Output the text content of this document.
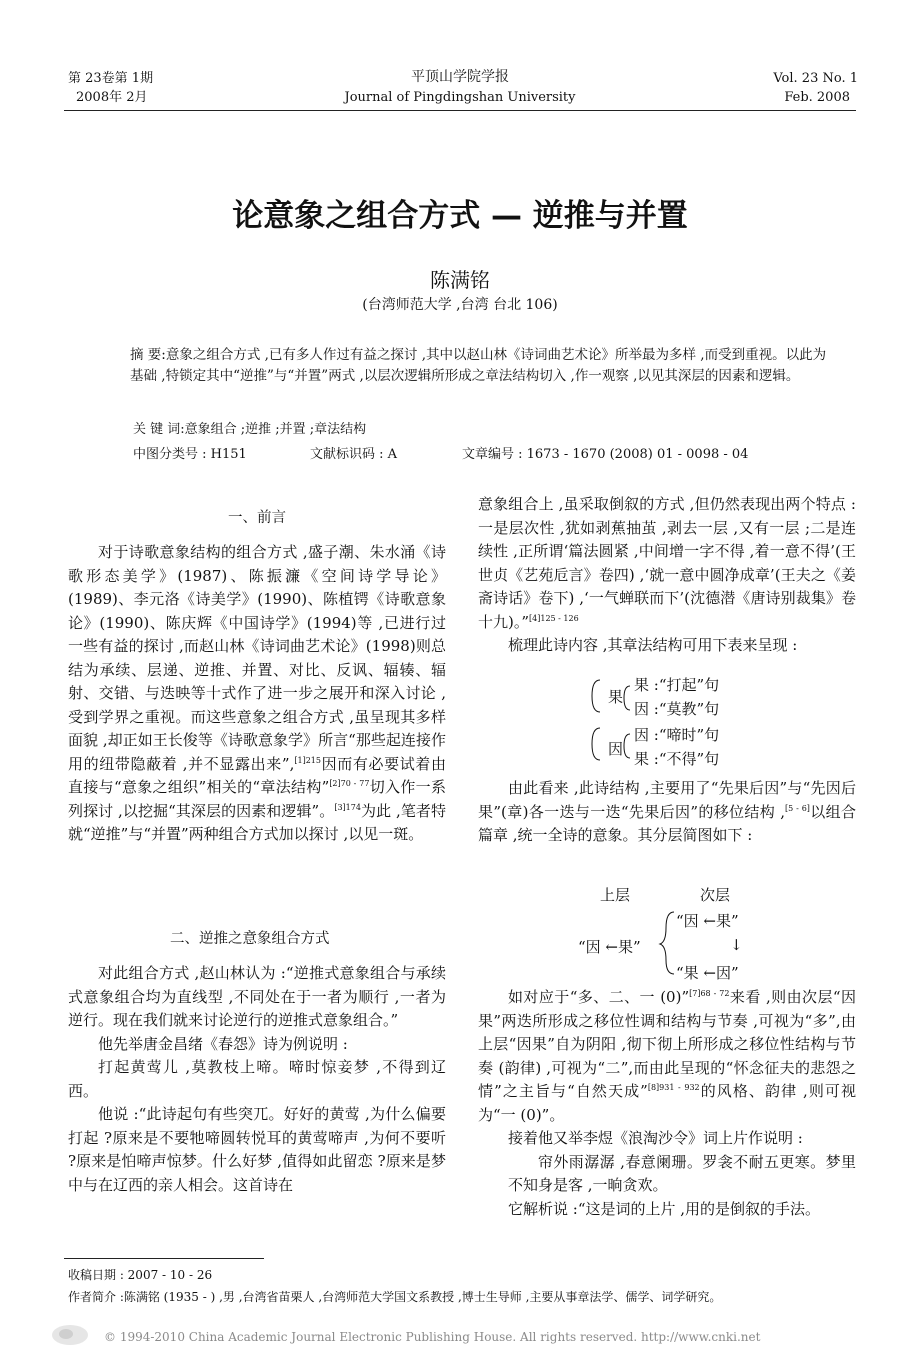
第 23卷第 1期
2008年 2月
平顶山学院学报
Journal of Pingdingshan University
Vol. 23 No. 1
Feb. 2008
论意象之组合方式 — 逆推与并置
陈满铭
(台湾师范大学 ,台湾 台北 106)
摘 要:意象之组合方式 ,已有多人作过有益之探讨 ,其中以赵山林《诗词曲艺术论》所举最为多样 ,而受到重视。以此为基础 ,特锁定其中“逆推”与“并置”两式 ,以层次逻辑所形成之章法结构切入 ,作一观察 ,以见其深层的因素和逻辑。
关 键 词:意象组合 ;逆推 ;并置 ;章法结构
中图分类号 : H151	文献标识码 : A	文章编号 : 1673 - 1670 (2008) 01 - 0098 - 04
一、前言

对于诗歌意象结构的组合方式 ,盛子潮、朱水涌《诗歌形态美学》(1987)、陈振濂《空间诗学导论》(1989)、李元洛《诗美学》(1990)、陈植锷《诗歌意象论》(1990)、陈庆辉《中国诗学》(1994)等 ,已进行过一些有益的探讨 ,而赵山林《诗词曲艺术论》(1998)则总结为承续、层递、逆推、并置、对比、反讽、辐辏、辐射、交错、与迭映等十式作了进一步之展开和深入讨论 ,受到学界之重视。而这些意象之组合方式 ,虽呈现其多样面貌 ,却正如王长俊等《诗歌意象学》所言“那些起连接作用的纽带隐蔽着 ,并不显露出来”,$^{[1]215}$因而有必要试着由直接与“意象之组织”相关的“章法结构”$^{[2]70 - 77}$切入作一系列探讨 ,以挖掘“其深层的因素和逻辑”。$^{[3]174}$为此 ,笔者特就“逆推”与“并置”两种组合方式加以探讨 ,以见一斑。

二、逆推之意象组合方式

对此组合方式 ,赵山林认为 :“逆推式意象组合与承续式意象组合均为直线型 ,不同处在于一者为顺行 ,一者为逆行。现在我们就来讨论逆行的逆推式意象组合。”

他先举唐金昌绪《春怨》诗为例说明 :

打起黄莺儿 ,莫教枝上啼。啼时惊妾梦 ,不得到辽西。

他说 :“此诗起句有些突兀。好好的黄莺 ,为什么偏要打起 ?原来是不要牠啼圆转悦耳的黄莺啼声 ,为何不要听 ?原来是怕啼声惊梦。什么好梦 ,值得如此留恋 ?原来是梦中与在辽西的亲人相会。这首诗在

意象组合上 ,虽采取倒叙的方式 ,但仍然表现出两个特点 :一是层次性 ,犹如剥蕉抽茧 ,剥去一层 ,又有一层 ;二是连续性 ,正所谓‘篇法圆紧 ,中间增一字不得 ,着一意不得’(王世贞《艺苑卮言》卷四) ,‘就一意中圆净成章’(王夫之《姜斋诗话》卷下) ,‘一气蝉联而下’(沈德潜《唐诗别裁集》卷十九)。”$^{[4]125 - 126}$

梳理此诗内容 ,其章法结构可用下表来呈现 :

果
因
果 :“打起”句
因 :“莫教”句
因 :“啼时”句
果 :“不得”句

由此看来 ,此诗结构 ,主要用了“先果后因”与“先因后果”(章)各一迭与一迭“先果后因”的移位结构 ,[5 - 6]以组合篇章 ,统一全诗的意象。其分层简图如下 :

上层	次层
“因 ←果”
“因 ←果”
↓
“果 ←因”

如对应于“多、二、一 (0)”$^{[7]68 - 72}$来看 ,则由次层“因果”两迭所形成之移位性调和结构与节奏 ,可视为“多”,由上层“因果”自为阴阳 ,彻下彻上所形成之移位性结构与节奏 (韵律) ,可视为“二”,而由此呈现的“怀念征夫的悲怨之情”之主旨与“自然天成”$^{[8]931 - 932}$的风格、韵律 ,则可视为“一 (0)”。

接着他又举李煜《浪淘沙令》词上片作说明 :

帘外雨潺潺 ,春意阑珊。罗衾不耐五更寒。梦里不知身是客 ,一晌贪欢。

它解析说 :“这是词的上片 ,用的是倒叙的手法。

收稿日期 : 2007 - 10 - 26
作者简介 :陈满铭 (1935 - ) ,男 ,台湾省苗栗人 ,台湾师范大学国文系教授 ,博士生导师 ,主要从事章法学、儒学、词学研究。
© 1994-2010 China Academic Journal Electronic Publishing House. All rights reserved. http://www.cnki.net
